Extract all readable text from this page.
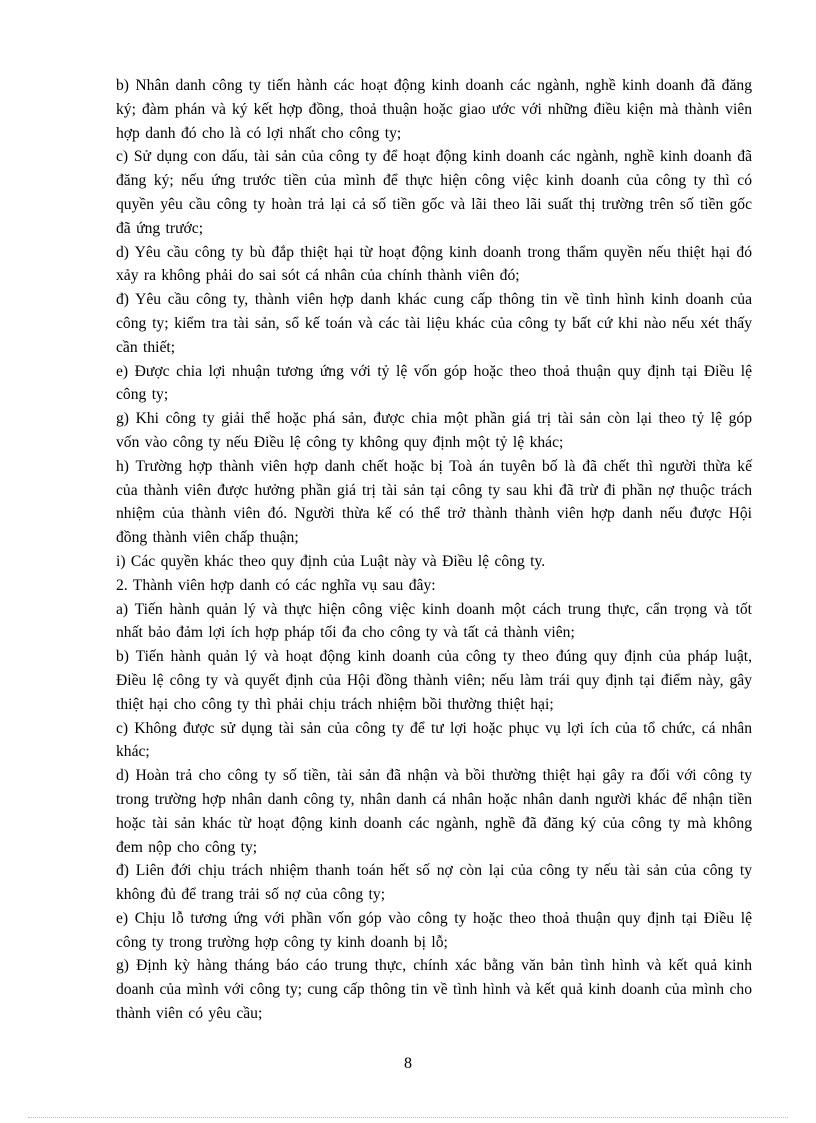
b) Nhân danh công ty tiến hành các hoạt động kinh doanh các ngành, nghề kinh doanh đã đăng ký; đàm phán và ký kết hợp đồng, thoả thuận hoặc giao ước với những điều kiện mà thành viên hợp danh đó cho là có lợi nhất cho công ty;

c) Sử dụng con dấu, tài sản của công ty để hoạt động kinh doanh các ngành, nghề kinh doanh đã đăng ký; nếu ứng trước tiền của mình để thực hiện công việc kinh doanh của công ty thì có quyền yêu cầu công ty hoàn trả lại cả số tiền gốc và lãi theo lãi suất thị trường trên số tiền gốc đã ứng trước;

d) Yêu cầu công ty bù đắp thiệt hại từ hoạt động kinh doanh trong thẩm quyền nếu thiệt hại đó xảy ra không phải do sai sót cá nhân của chính thành viên đó;

đ) Yêu cầu công ty, thành viên hợp danh khác cung cấp thông tin về tình hình kinh doanh của công ty; kiểm tra tài sản, sổ kế toán và các tài liệu khác của công ty bất cứ khi nào nếu xét thấy cần thiết;

e) Được chia lợi nhuận tương ứng với tỷ lệ vốn góp hoặc theo thoả thuận quy định tại Điều lệ công ty;

g) Khi công ty giải thể hoặc phá sản, được chia một phần giá trị tài sản còn lại theo tỷ lệ góp vốn vào công ty nếu Điều lệ công ty không quy định một tỷ lệ khác;

h) Trường hợp thành viên hợp danh chết hoặc bị Toà án tuyên bố là đã chết thì người thừa kế của thành viên được hưởng phần giá trị tài sản tại công ty sau khi đã trừ đi phần nợ thuộc trách nhiệm của thành viên đó. Người thừa kế có thể trở thành thành viên hợp danh nếu được Hội đồng thành viên chấp thuận;

i) Các quyền khác theo quy định của Luật này và Điều lệ công ty.

2. Thành viên hợp danh có các nghĩa vụ sau đây:

a) Tiến hành quản lý và thực hiện công việc kinh doanh một cách trung thực, cẩn trọng và tốt nhất bảo đảm lợi ích hợp pháp tối đa cho công ty và tất cả thành viên;

b) Tiến hành quản lý và hoạt động kinh doanh của công ty theo đúng quy định của pháp luật, Điều lệ công ty và quyết định của Hội đồng thành viên; nếu làm trái quy định tại điểm này, gây thiệt hại cho công ty thì phải chịu trách nhiệm bồi thường thiệt hại;

c) Không được sử dụng tài sản của công ty để tư lợi hoặc phục vụ lợi ích của tổ chức, cá nhân khác;

d) Hoàn trả cho công ty số tiền, tài sản đã nhận và bồi thường thiệt hại gây ra đối với công ty trong trường hợp nhân danh công ty, nhân danh cá nhân hoặc nhân danh người khác để nhận tiền hoặc tài sản khác từ hoạt động kinh doanh các ngành, nghề đã đăng ký của công ty mà không đem nộp cho công ty;

đ) Liên đới chịu trách nhiệm thanh toán hết số nợ còn lại của công ty nếu tài sản của công ty không đủ để trang trải số nợ của công ty;

e) Chịu lỗ tương ứng với phần vốn góp vào công ty hoặc theo thoả thuận quy định tại Điều lệ công ty trong trường hợp công ty kinh doanh bị lỗ;

g) Định kỳ hàng tháng báo cáo trung thực, chính xác bằng văn bản tình hình và kết quả kinh doanh của mình với công ty; cung cấp thông tin về tình hình và kết quả kinh doanh của mình cho thành viên có yêu cầu;

8
